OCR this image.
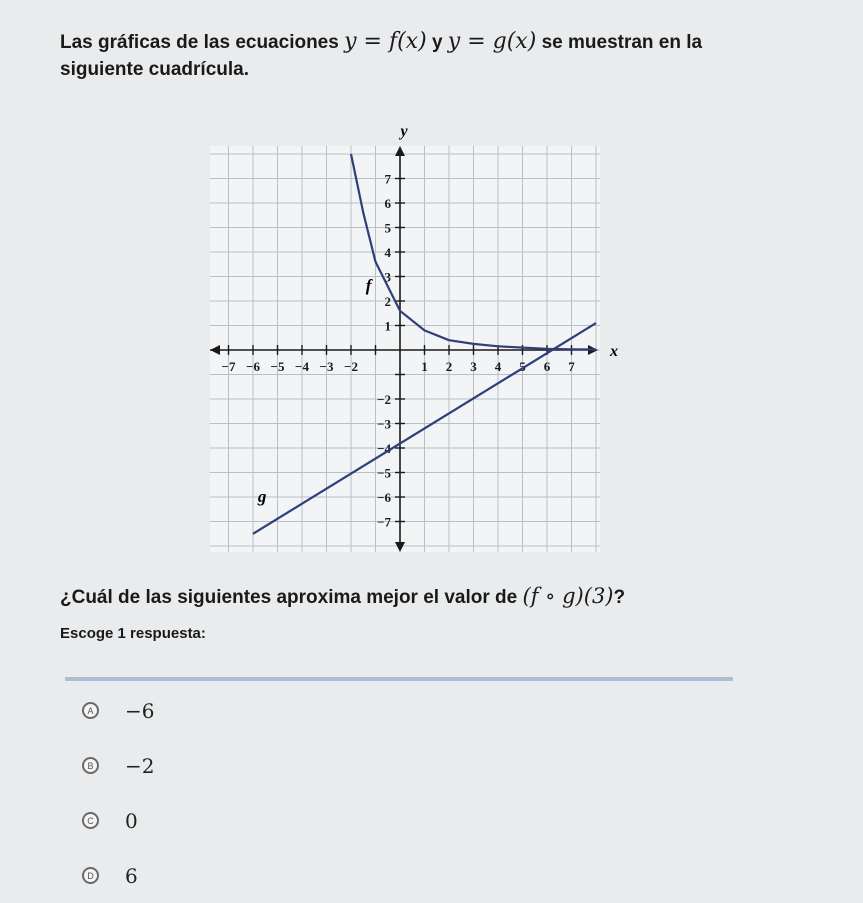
Las gráficas de las ecuaciones y = f(x) y y = g(x) se muestran en la siguiente cuadrícula.
−7 −6 −5 −4 −3 −2	1 2 3 4 5 6 7
7
6
5
4
3
2
1
−2
−3
−4
−5
−6
−7
x
y
f
g
¿Cuál de las siguientes aproxima mejor el valor de (f ∘ g)(3)?
Escoge 1 respuesta:
A −6
B −2
C 0
D 6
